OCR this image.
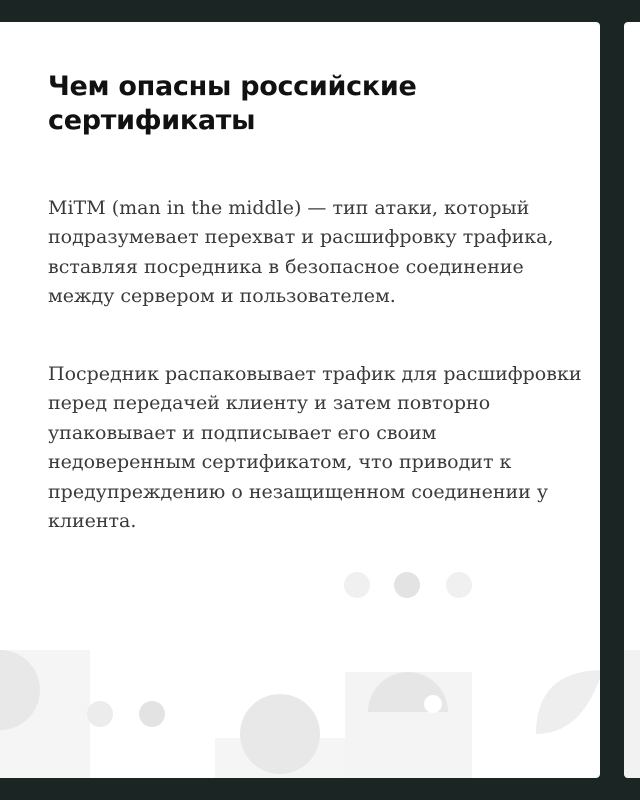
Чем опасны российские сертификаты

MiTM (man in the middle) — тип атаки, который подразумевает перехват и расшифровку трафика, вставляя посредника в безопасное соединение между сервером и пользователем.

Посредник распаковывает трафик для расшифровки перед передачей клиенту и затем повторно упаковывает и подписывает его своим недоверенным сертификатом, что приводит к предупреждению о незащищенном соединении у клиента.
